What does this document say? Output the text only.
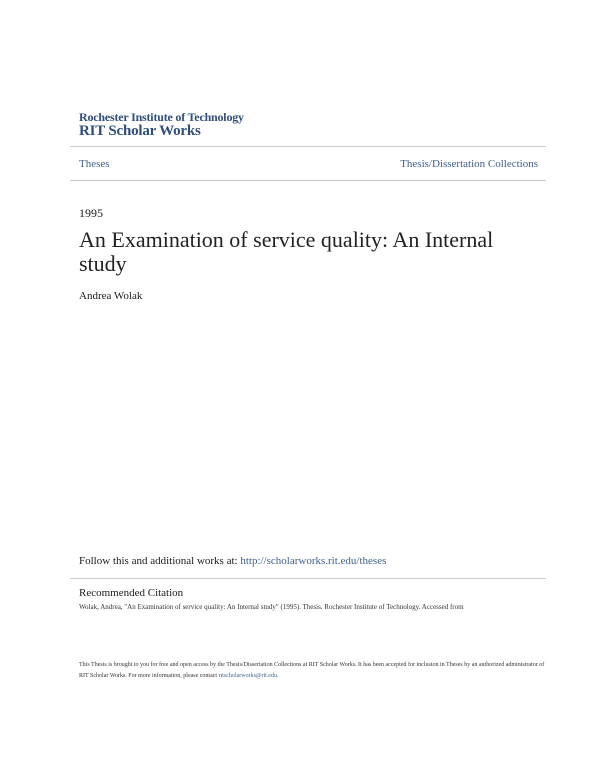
Rochester Institute of Technology
RIT Scholar Works
Theses	Thesis/Dissertation Collections
1995
An Examination of service quality: An Internal study
Andrea Wolak
Follow this and additional works at: http://scholarworks.rit.edu/theses
Recommended Citation
Wolak, Andrea, "An Examination of service quality: An Internal study" (1995). Thesis. Rochester Institute of Technology. Accessed from
This Thesis is brought to you for free and open access by the Thesis/Dissertation Collections at RIT Scholar Works. It has been accepted for inclusion in Theses by an authorized administrator of RIT Scholar Works. For more information, please contact ritscholarworks@rit.edu.
